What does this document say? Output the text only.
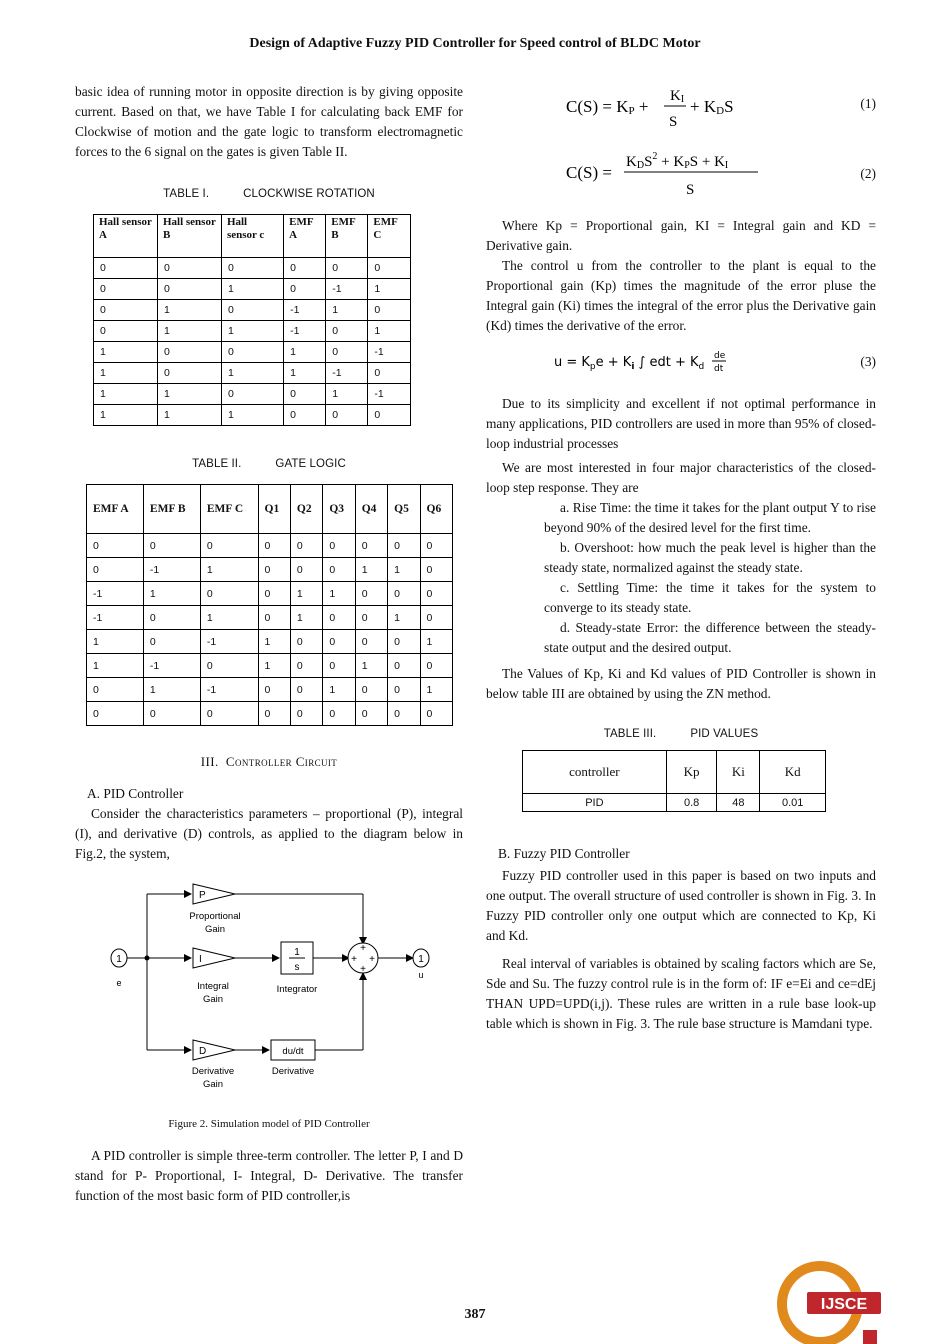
Design of Adaptive Fuzzy PID Controller for Speed control of BLDC Motor

basic idea of running motor in opposite direction is by giving opposite current. Based on that, we have Table I for calculating back EMF for Clockwise of motion and the gate logic to transform electromagnetic forces to the 6 signal on the gates is given Table II.

TABLE I.	CLOCKWISE ROTATION
Hall sensor A	Hall sensor B	Hall sensor c	EMF A	EMF B	EMF C
0	0	0	0	0	0
0	0	1	0	-1	1
0	1	0	-1	1	0
0	1	1	-1	0	1
1	0	0	1	0	-1
1	0	1	1	-1	0
1	1	0	0	1	-1
1	1	1	0	0	0
TABLE II.	GATE LOGIC
EMF A	EMF B	EMF C	Q1	Q2	Q3	Q4	Q5	Q6
0	0	0	0	0	0	0	0	0
0	-1	1	0	0	0	1	1	0
-1	1	0	0	1	1	0	0	0
-1	0	1	0	1	0	0	1	0
1	0	-1	1	0	0	0	0	1
1	-1	0	1	0	0	1	0	0
0	1	-1	0	0	1	0	0	1
0	0	0	0	0	0	0	0	0
III. Controller Circuit
A. PID Controller

Consider the characteristics parameters – proportional (P), integral (I), and derivative (D) controls, as applied to the diagram below in Fig.2, the system,

1
e
P
Proportional
Gain
I
Integral
Gain
1
s
Integrator
D
Derivative
Gain
du/dt
Derivative
+
+ +
+
1
u
Figure 2. Simulation model of PID Controller

A PID controller is simple three-term controller. The letter P, I and D stand for P- Proportional, I- Integral, D- Derivative. The transfer function of the most basic form of PID controller,is

C(S) = KP +
KI
S
+ KDS	(1)
C(S) =
$KDS^2$ + KPS + KI
S
(2)

Where Kp = Proportional gain, KI = Integral gain and KD = Derivative gain.

The control u from the controller to the plant is equal to the Proportional gain (Kp) times the magnitude of the error pluse the Integral gain (Ki) times the integral of the error plus the Derivative gain (Kd) times the derivative of the error.

$u = K_pe + K_i$ ∫ edt + $K_d$
de
dt	(3)

Due to its simplicity and excellent if not optimal performance in many applications, PID controllers are used in more than 95% of closed-loop industrial processes

We are most interested in four major characteristics of the closed-loop step response. They are

a. Rise Time: the time it takes for the plant output Y to rise beyond 90% of the desired level for the first time.
b. Overshoot: how much the peak level is higher than the steady state, normalized against the steady state.
c. Settling Time: the time it takes for the system to converge to its steady state.
d. Steady-state Error: the difference between the steady-state output and the desired output.

The Values of Kp, Ki and Kd values of PID Controller is shown in below table III are obtained by using the ZN method.

TABLE III.	PID VALUES
controller	Kp	Ki	Kd
PID	0.8	48	0.01
B. Fuzzy PID Controller

Fuzzy PID controller used in this paper is based on two inputs and one output. The overall structure of used controller is shown in Fig. 3. In Fuzzy PID controller only one output which are connected to Kp, Ki and Kd.

Real interval of variables is obtained by scaling factors which are Se, Sde and Su. The fuzzy control rule is in the form of: IF e=Ei and ce=dEj THAN UPD=UPD(i,j). These rules are written in a rule base look-up table which is shown in Fig. 3. The rule base structure is Mamdani type.

387
IJSCE
